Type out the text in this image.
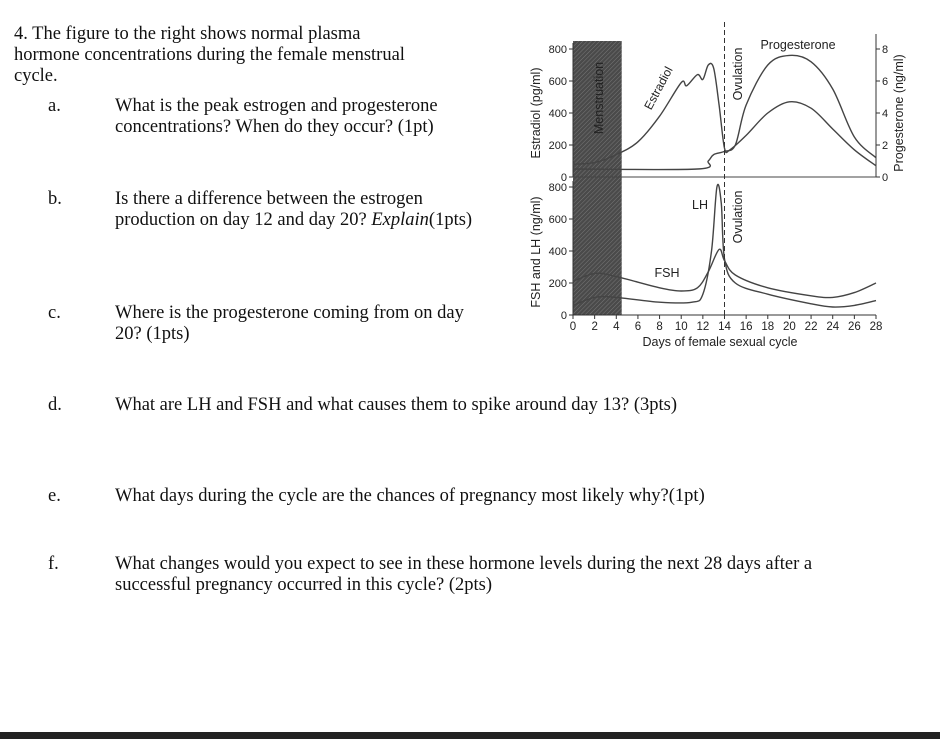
4. The figure to the right shows normal plasma
hormone concentrations during the female menstrual
cycle.
a.	What is the peak estrogen and progesterone
concentrations? When do they occur? (1pt)
b.	Is there a difference between the estrogen
production on day 12 and day 20? Explain(1pts)
c.	Where is the progesterone coming from on day
20? (1pts)
d.	What are LH and FSH and what causes them to spike around day 13? (3pts)
e.	What days during the cycle are the chances of pregnancy most likely why?(1pt)
f.	What changes would you expect to see in these hormone levels during the next 28 days after a
successful pregnancy occurred in this cycle? (2pts)
0
200
400
600
800
0
2
4
6
8
0
200
400
600
800
0 2 4 6 8 10 12 14 16 18 20 22 24 26 28
Days of female sexual cycle
Estradiol (pg/ml)	Progesterone (ng/ml)
FSH and LH (ng/ml)
Menstruation	Ovulation
Ovulation
Estradiol
Progesterone
LH
FSH
